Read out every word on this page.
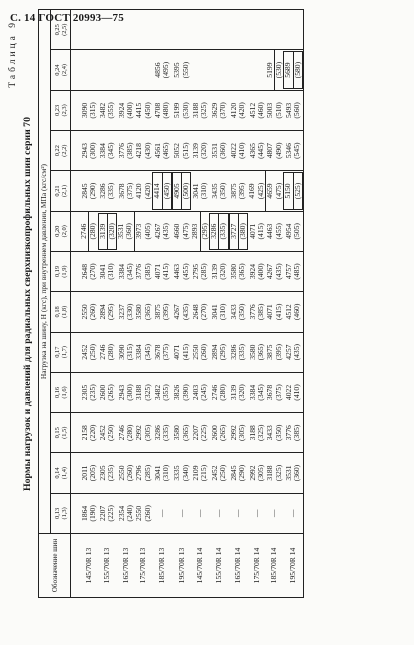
С. 14 ГОСТ 20993—75
Таблица 9
Нормы нагрузок и давлений для радиальных сверхнизкопрофильных шин серии 70
Обозначение шин	Нагрузка на шину, Н (кгс), при внутреннем давлении, МПа (кгс/см²)												

	0,13 (1,3)	0,14 (1,4)	0,15 (1,5)	0,16 (1,6)	0,17 (1,7)	0,18 (1,8)	0,19 (1,9)	0,20 (2,0)	0,21 (2,1)	0,22 (2,2)	0,23 (2,3)	0,24 (2,4)	0,25 (2,5)

145/70R 13	1864 (190)	2011 (205)	2158 (220)	2305 (235)	2452 (250)	2550 (260)	2648 (270)	2746 (280)	2845 (290)	2943 (300)	3090 (315)		

155/70R 13	2207 (225)	2305 (235)	2452 (250)	2600 (265)	2746 (280)	2894 (295)	3041 (310)	3139 (320)	3286 (335)	3384 (345)	3482 (355)		

165/70R 13	2354 (240)	2550 (260)	2746 (280)	2943 (300)	3090 (315)	3237 (330)	3384 (345)	3531 (360)	3678 (375)	3776 (385)	3924 (400)		

175/70R 13	2550 (260)	2796 (285)	2992 (305)	3188 (325)	3384 (345)	3580 (365)	3776 (385)	3973 (405)	4120 (420)	4218 (430)	4415 (450)		

185/70R 13	—	3041 (310)	3286 (335)	3482 (355)	3678 (375)	3875 (395)	4071 (415)	4267 (435)	4414 (450)	4561 (465)	4708 (480)	4856 (495)	

195/70R 13	—	3335 (340)	3580 (365)	3826 (390)	4071 (415)	4267 (435)	4463 (455)	4660 (475)	4905 (500)	5052 (515)	5199 (530)	5395 (550)	

145/70R 14	—	2109 (215)	2207 (225)	2403 (245)	2550 (260)	2648 (270)	2795 (285)	2893 (295)	3041 (310)	3139 (320)	3188 (325)		

155/70R 14	—	2452 (250)	2600 (265)	2746 (280)	2894 (295)	3041 (310)	3139 (320)	3286 (335)	3435 (350)	3531 (360)	3629 (370)		

165/70R 14	—	2845 (290)	2992 (305)	3139 (320)	3286 (335)	3433 (350)	3580 (365)	3727 (380)	3875 (395)	4022 (410)	4120 (420)		

175/70R 14	—	2992 (305)	3188 (325)	3384 (345)	3580 (365)	3776 (385)	3924 (400)	4071 (415)	4169 (425)	4365 (445)	4512 (460)		

185/70R 14	—	3188 (325)	3433 (350)	3678 (375)	3875 (395)	4071 (415)	4267 (435)	4463 (455)	4659 (475)	4807 (490)	5003 (510)	5199 (530)	

195/70R 14	—	3531 (360)	3776 (385)	4022 (410)	4257 (435)	4512 (460)	4757 (485)	4954 (505)	5150 (525)	5346 (545)	5493 (560)	5689 (580)	
